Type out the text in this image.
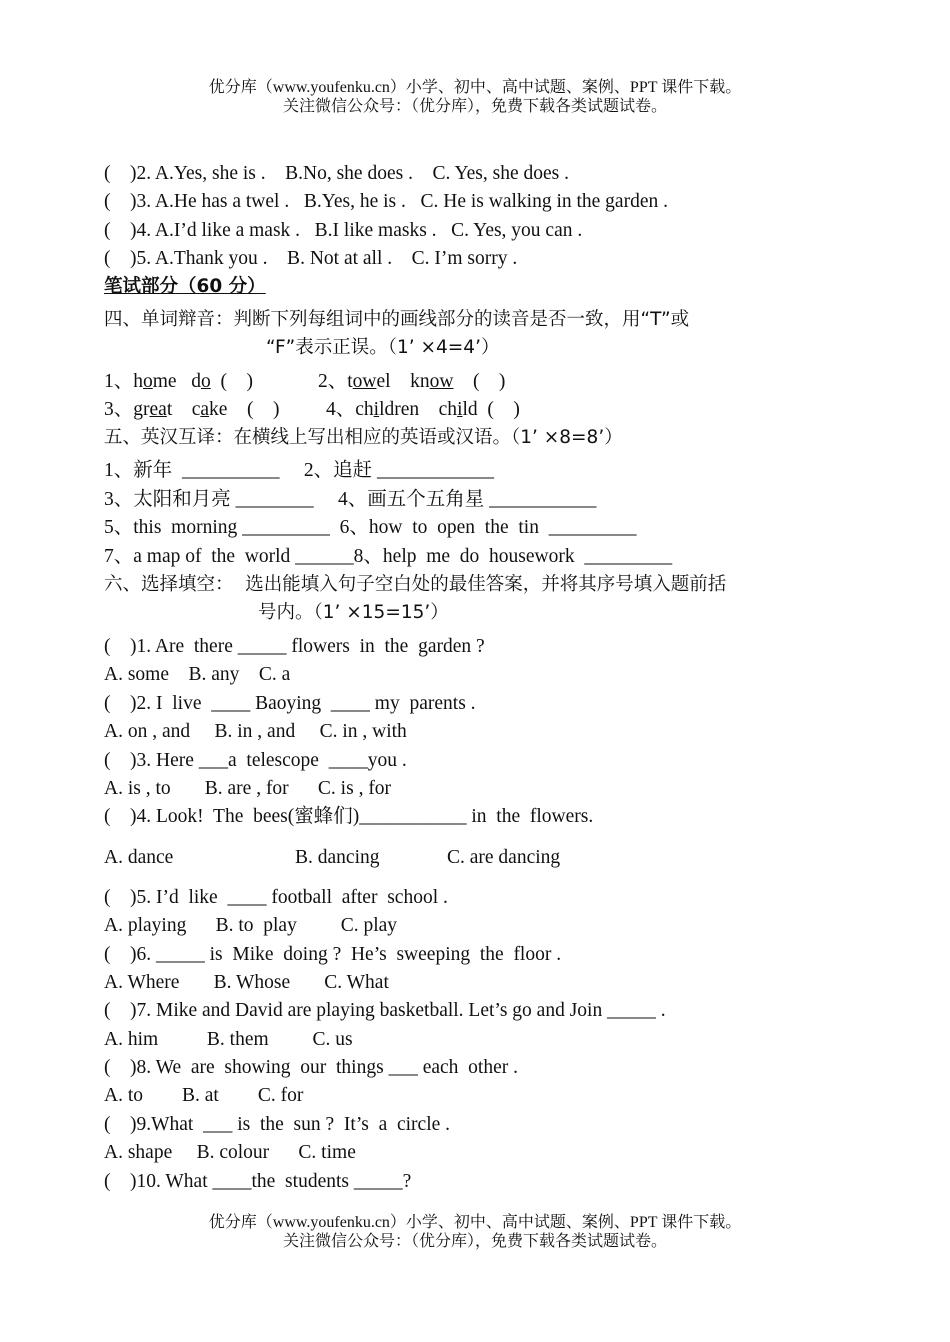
优分库（www.youfenku.cn）小学、初中、高中试题、案例、PPT 课件下载。
关注微信公众号：（优分库），免费下载各类试题试卷。
(    )2. A.Yes, she is .    B.No, she does .    C. Yes, she does .
(    )3. A.He has a twel .   B.Yes, he is .   C. He is walking in the garden .
(    )4. A.I’d like a mask .   B.I like masks .   C. Yes, you can .
(    )5. A.Thank you .    B. Not at all .    C. I’m sorry .
笔试部分（60 分）
四、单词辩音：判断下列每组词中的画线部分的读音是否一致，用“T”或
“F”表示正误。（1’ ×4=4’）
1、home   do  (    )	2、towel    know    (    )
3、great    cake    (    ) 4、children    child  (    )
五、英汉互译：在横线上写出相应的英语或汉语。（1’ ×8=8’）
1、新年  __________     2、追赶 ____________
3、太阳和月亮 ________     4、画五个五角星 ___________
5、this  morning _________  6、how  to  open  the  tin  _________
7、a map of  the  world ______8、help  me  do  housework  _________
六、选择填空：  选出能填入句子空白处的最佳答案，并将其序号填入题前括
号内。（1’ ×15=15’）
(    )1. Are  there _____ flowers  in  the  garden ?
A. some    B. any    C. a
(    )2. I  live  ____ Baoying  ____ my  parents .
A. on , and     B. in , and     C. in , with
(    )3. Here ___a  telescope  ____you .
A. is , to       B. are , for      C. is , for
(    )4. Look!  The  bees(蜜蜂们)___________ in  the  flowers.
A. dance	B. dancing	C. are dancing
(    )5. I’d  like  ____ football  after  school .
A. playing      B. to  play         C. play
(    )6. _____ is  Mike  doing ?  He’s  sweeping  the  floor .
A. Where       B. Whose       C. What
(    )7. Mike and David are playing basketball. Let’s go and Join _____ .
A. him          B. them         C. us
(    )8. We  are  showing  our  things ___ each  other .
A. to        B. at        C. for
(    )9.What  ___ is  the  sun ?  It’s  a  circle .
A. shape     B. colour      C. time
(    )10. What ____the  students _____?
优分库（www.youfenku.cn）小学、初中、高中试题、案例、PPT 课件下载。
关注微信公众号：（优分库），免费下载各类试题试卷。
